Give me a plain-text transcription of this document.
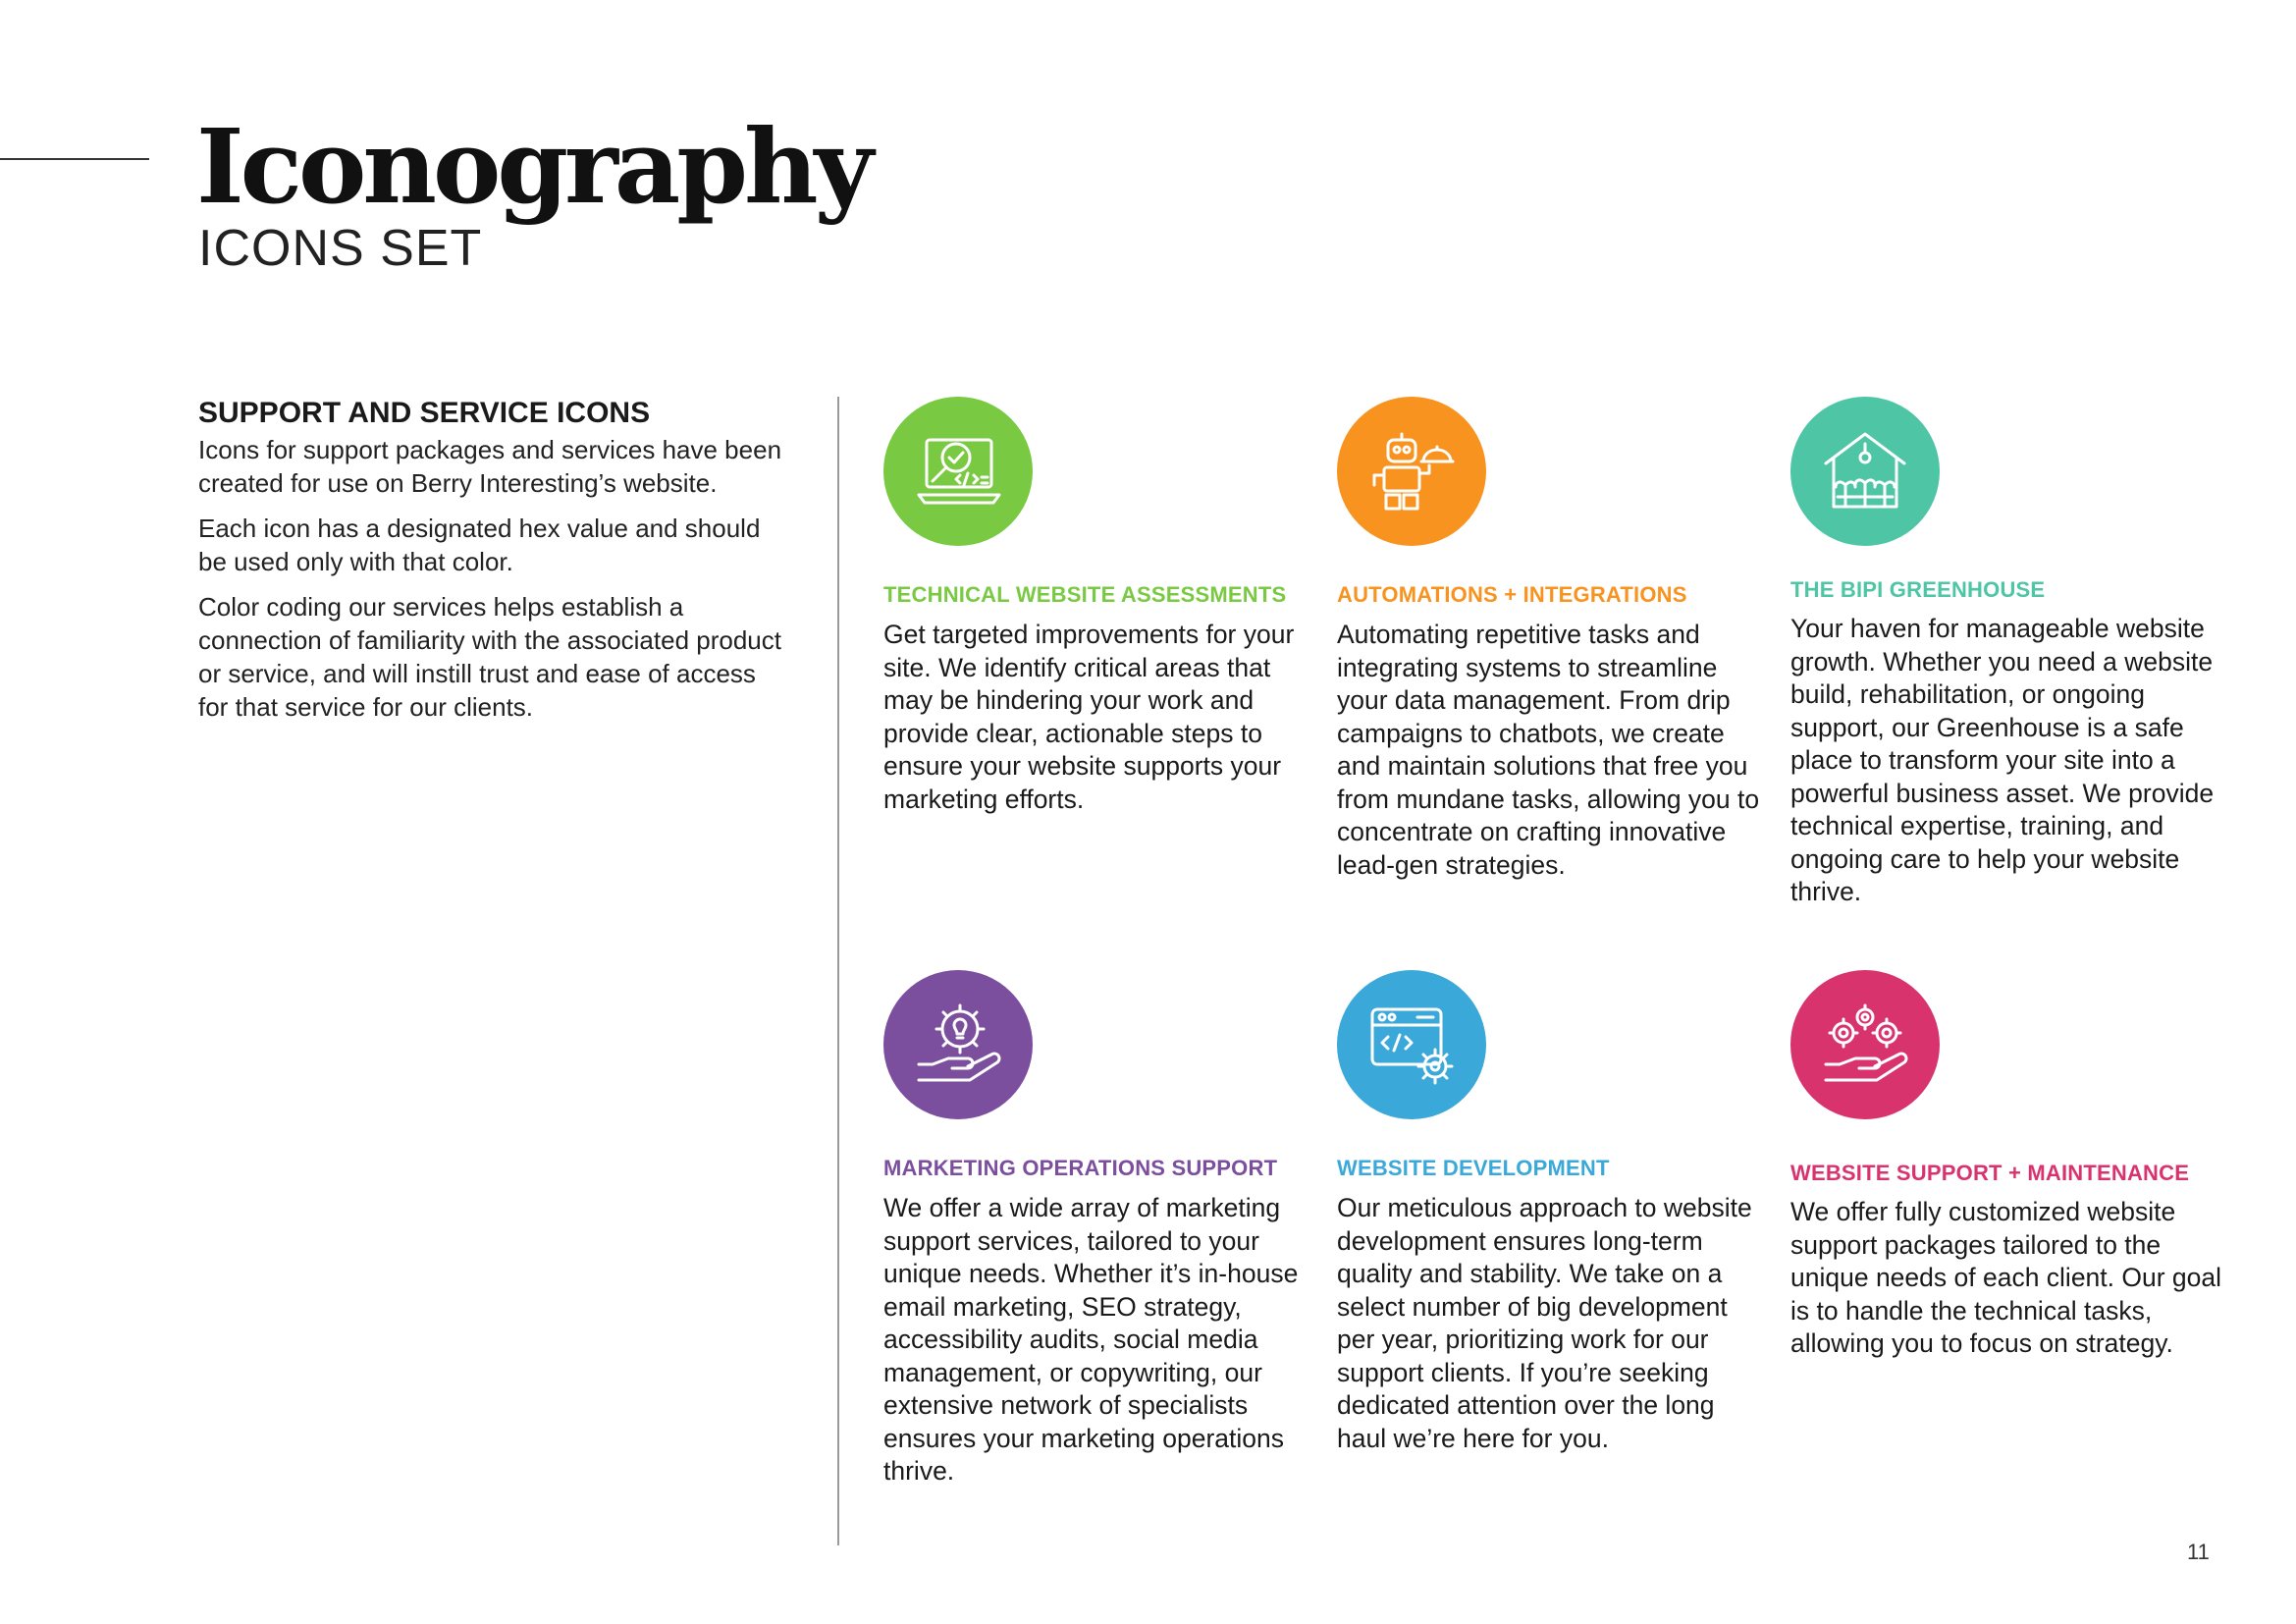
Iconography
ICONS SET
SUPPORT AND SERVICE ICONS

Icons for support packages and services have been created for use on Berry Interesting’s website.

Each icon has a designated hex value and should be used only with that color.

Color coding our services helps establish a connection of familiarity with the associated product or service, and will instill trust and ease of access for that service for our clients.

TECHNICAL WEBSITE ASSESSMENTS

Get targeted improvements for your site. We identify critical areas that may be hindering your work and provide clear, actionable steps to ensure your website supports your marketing efforts.

AUTOMATIONS + INTEGRATIONS

Automating repetitive tasks and integrating systems to streamline your data management. From drip campaigns to chatbots, we create and maintain solutions that free you from mundane tasks, allowing you to concentrate on crafting innovative lead-gen strategies.

THE BIPI GREENHOUSE

Your haven for manageable website growth. Whether you need a website build, rehabilitation, or ongoing support, our Greenhouse is a safe place to transform your site into a powerful business asset. We provide technical expertise, training, and ongoing care to help your website thrive.

MARKETING OPERATIONS SUPPORT

We offer a wide array of marketing support services, tailored to your unique needs. Whether it’s in-house email marketing, SEO strategy, accessibility audits, social media management, or copywriting, our extensive network of specialists ensures your marketing operations thrive.

WEBSITE DEVELOPMENT

Our meticulous approach to website development ensures long-term quality and stability. We take on a select number of big development per year, prioritizing work for our support clients. If you’re seeking dedicated attention over the long haul we’re here for you.

WEBSITE SUPPORT + MAINTENANCE

We offer fully customized website support packages tailored to the unique needs of each client. Our goal is to handle the technical tasks, allowing you to focus on strategy.

11
